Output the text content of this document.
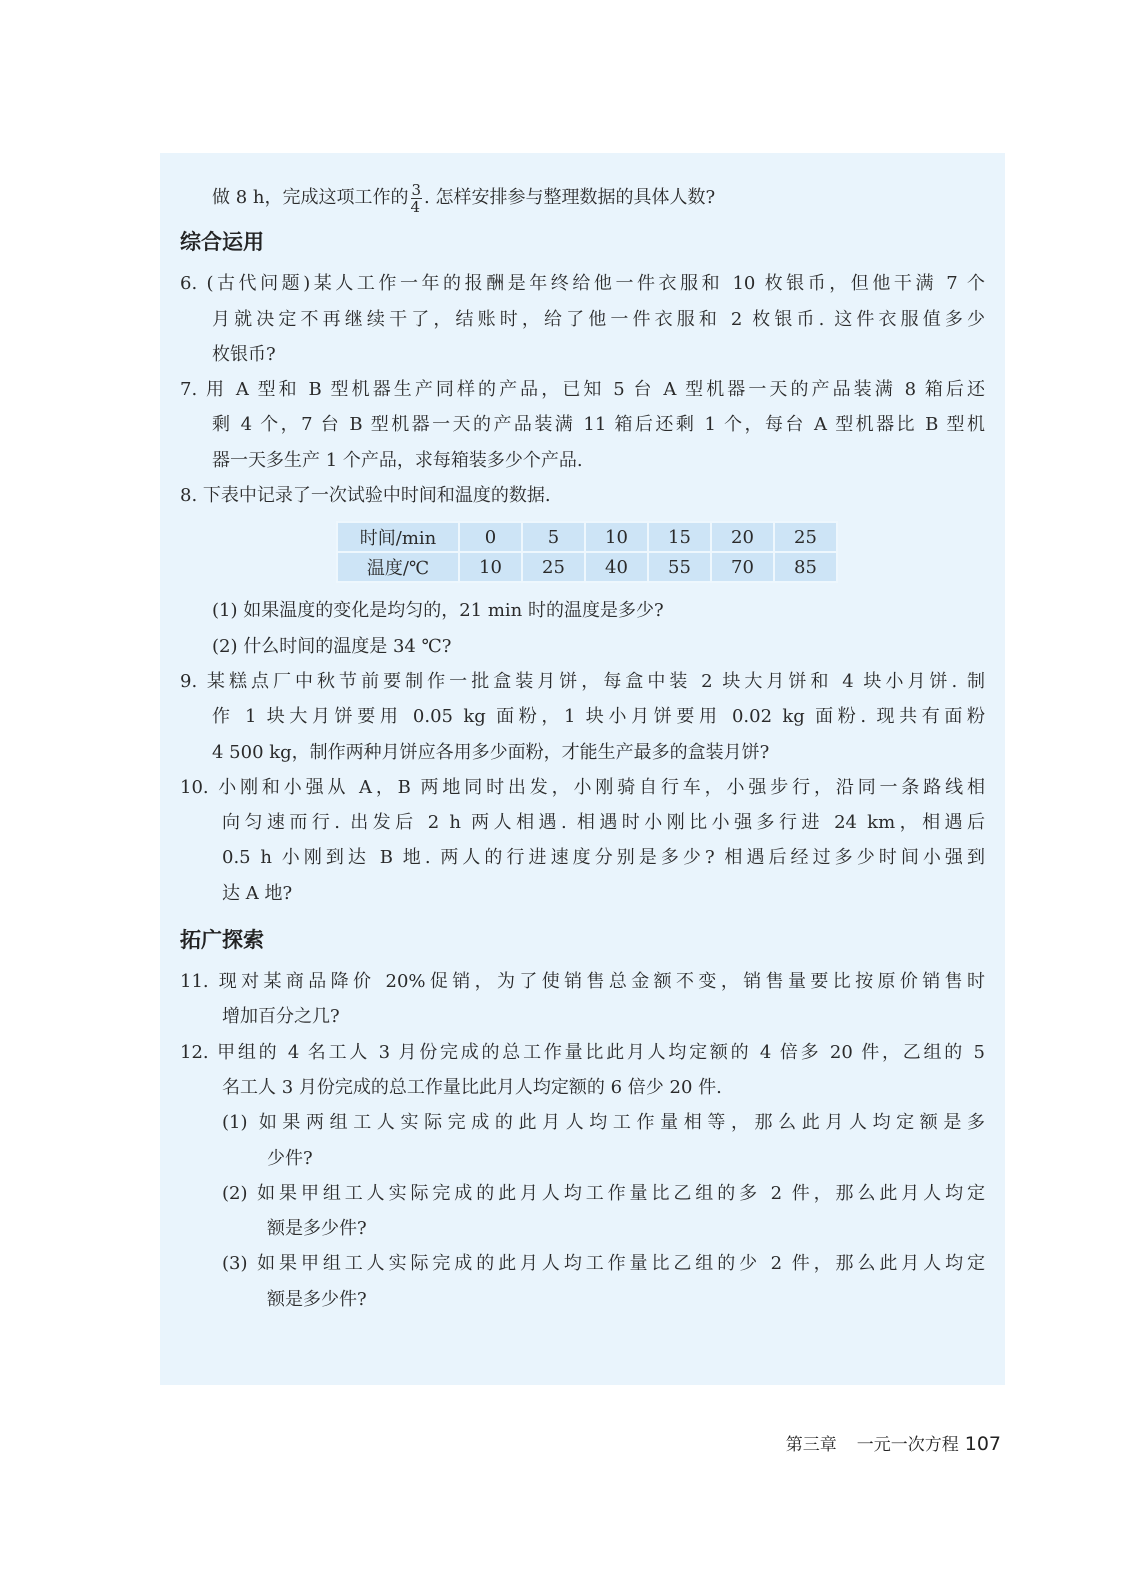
做 8 h，完成这项工作的 $\frac{3}{4}$ . 怎样安排参与整理数据的具体人数?
综合运用
6. (古代问题)某人工作一年的报酬是年终给他一件衣服和 10 枚银币，但他干满 7 个
月就决定不再继续干了，结账时，给了他一件衣服和 2 枚银币. 这件衣服值多少
枚银币?
7. 用 A 型和 B 型机器生产同样的产品，已知 5 台 A 型机器一天的产品装满 8 箱后还
剩 4 个，7 台 B 型机器一天的产品装满 11 箱后还剩 1 个，每台 A 型机器比 B 型机
器一天多生产 1 个产品，求每箱装多少个产品.
8. 下表中记录了一次试验中时间和温度的数据.
时间/min	0	5	10	15	20	25
温度/℃	10	25	40	55	70	85
(1) 如果温度的变化是均匀的，21 min 时的温度是多少?
(2) 什么时间的温度是 34 ℃?
9. 某糕点厂中秋节前要制作一批盒装月饼，每盒中装 2 块大月饼和 4 块小月饼. 制
作 1 块大月饼要用 0.05 kg 面粉，1 块小月饼要用 0.02 kg 面粉. 现共有面粉
4 500 kg，制作两种月饼应各用多少面粉，才能生产最多的盒装月饼?
10. 小刚和小强从 A，B 两地同时出发，小刚骑自行车，小强步行，沿同一条路线相
向匀速而行. 出发后 2 h 两人相遇. 相遇时小刚比小强多行进 24 km，相遇后
0.5 h 小刚到达 B 地. 两人的行进速度分别是多少? 相遇后经过多少时间小强到
达 A 地?
拓广探索
11. 现对某商品降价 20%促销，为了使销售总金额不变，销售量要比按原价销售时
增加百分之几?
12. 甲组的 4 名工人 3 月份完成的总工作量比此月人均定额的 4 倍多 20 件，乙组的 5
名工人 3 月份完成的总工作量比此月人均定额的 6 倍少 20 件.
(1) 如果两组工人实际完成的此月人均工作量相等，那么此月人均定额是多
少件?
(2) 如果甲组工人实际完成的此月人均工作量比乙组的多 2 件，那么此月人均定
额是多少件?
(3) 如果甲组工人实际完成的此月人均工作量比乙组的少 2 件，那么此月人均定
额是多少件?
第三章 一元一次方程 107
